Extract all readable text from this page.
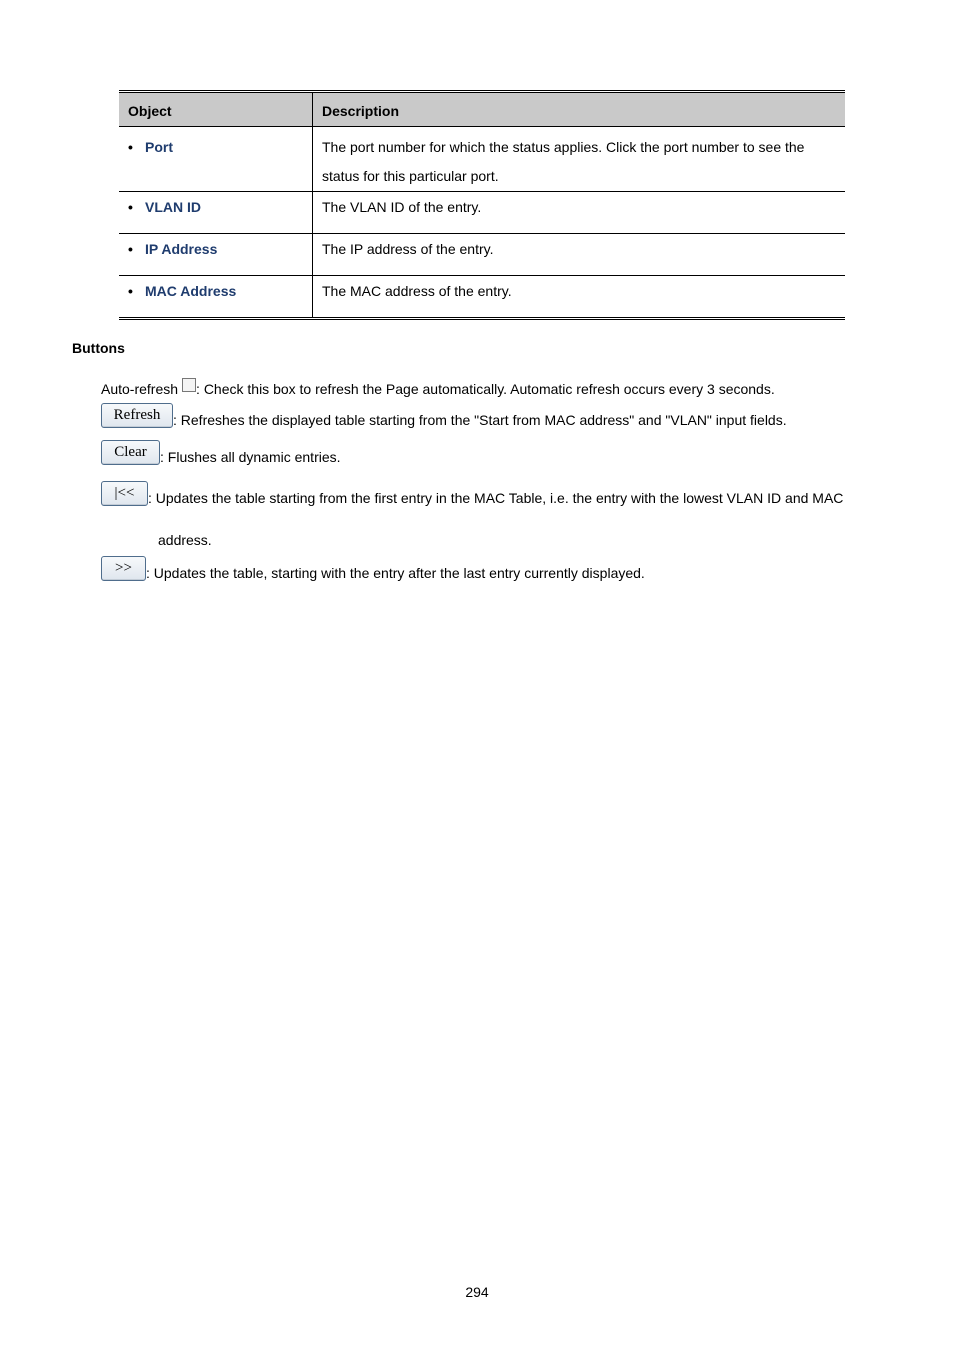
Object	Description
• Port	The port number for which the status applies. Click the port number to see the
status for this particular port.
• VLAN ID	The VLAN ID of the entry.
• IP Address	The IP address of the entry.
• MAC Address	The MAC address of the entry.
Buttons
Auto-refresh : Check this box to refresh the Page automatically. Automatic refresh occurs every 3 seconds.
Refresh : Refreshes the displayed table starting from the "Start from MAC address" and "VLAN" input fields.
Clear : Flushes all dynamic entries.
|<< : Updates the table starting from the first entry in the MAC Table, i.e. the entry with the lowest VLAN ID and MAC
address.
>> : Updates the table, starting with the entry after the last entry currently displayed.
294
